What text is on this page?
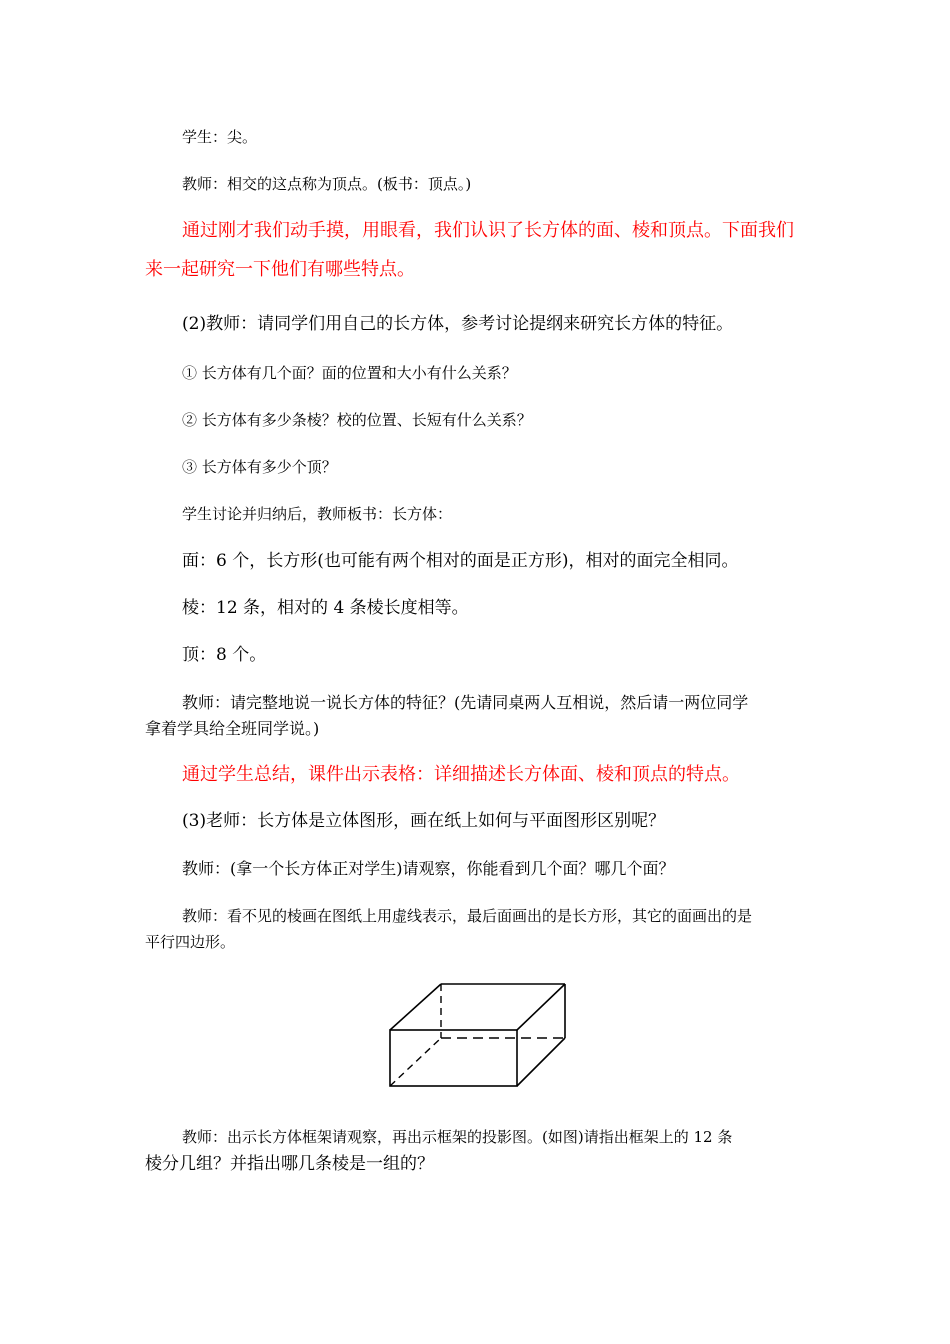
学生：尖。
教师：相交的这点称为顶点。(板书：顶点。)
通过刚才我们动手摸，用眼看，我们认识了长方体的面、棱和顶点。下面我们
来一起研究一下他们有哪些特点。
(2)教师：请同学们用自己的长方体，参考讨论提纲来研究长方体的特征。
① 长方体有几个面？面的位置和大小有什么关系？
② 长方体有多少条棱？校的位置、长短有什么关系？
③ 长方体有多少个顶？
学生讨论并归纳后，教师板书：长方体：
面：6 个，长方形(也可能有两个相对的面是正方形)，相对的面完全相同。
棱：12 条，相对的 4 条棱长度相等。
顶：8 个。
教师：请完整地说一说长方体的特征？(先请同桌两人互相说，然后请一两位同学
拿着学具给全班同学说。)
通过学生总结，课件出示表格：详细描述长方体面、棱和顶点的特点。
(3)老师：长方体是立体图形，画在纸上如何与平面图形区别呢？
教师：(拿一个长方体正对学生)请观察，你能看到几个面？哪几个面？
教师：看不见的棱画在图纸上用虚线表示，最后面画出的是长方形，其它的面画出的是
平行四边形。
教师：出示长方体框架请观察，再出示框架的投影图。(如图)请指出框架上的 12 条
棱分几组？并指出哪几条棱是一组的？
